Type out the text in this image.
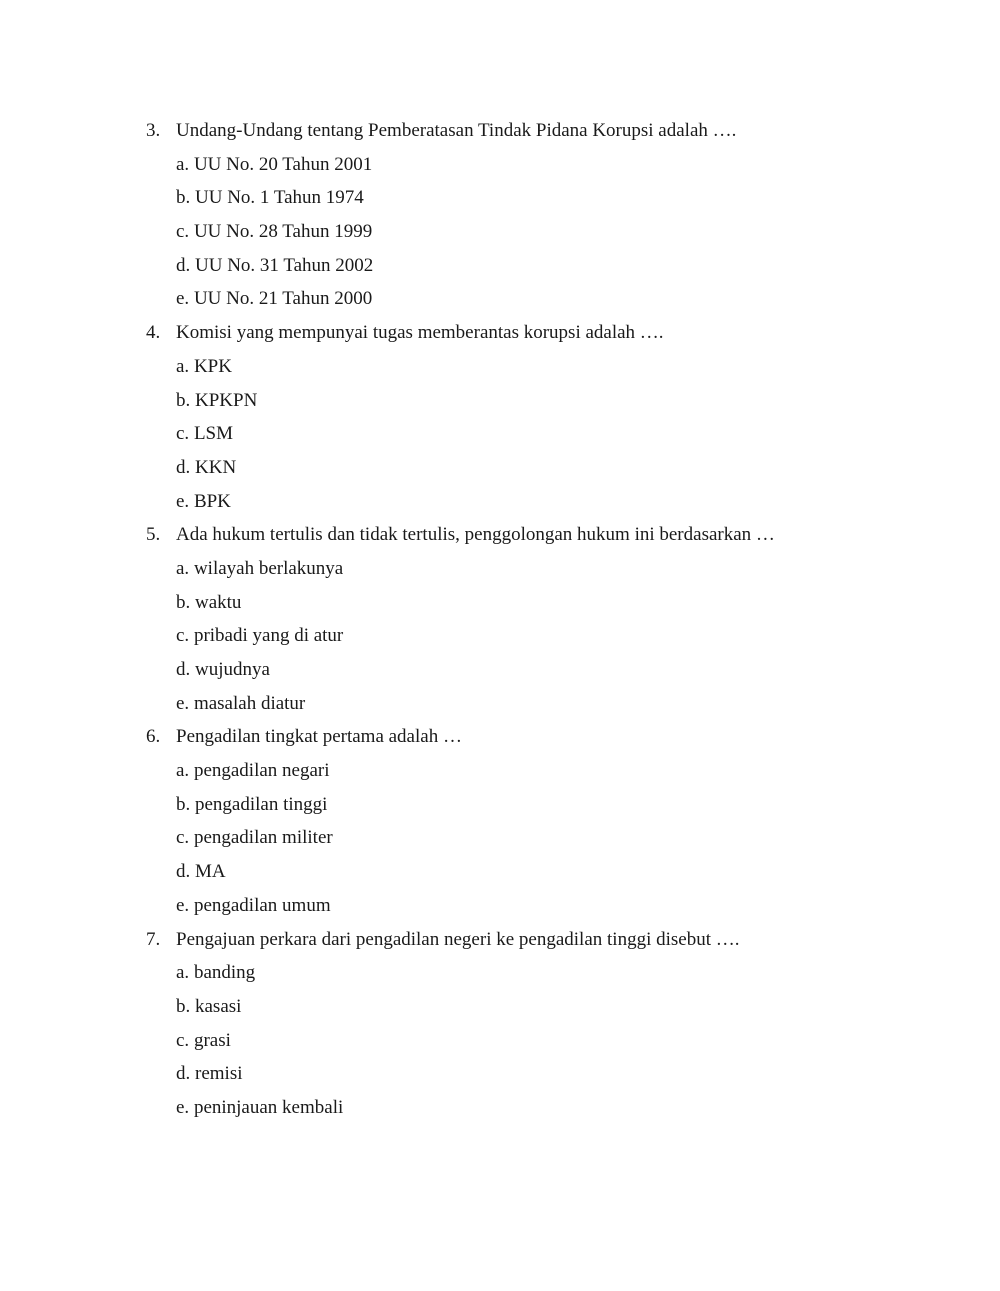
3. Undang-Undang tentang Pemberatasan Tindak Pidana Korupsi adalah ….
a. UU No. 20 Tahun 2001
b. UU No. 1 Tahun 1974
c. UU No. 28 Tahun 1999
d. UU No. 31 Tahun 2002
e. UU No. 21 Tahun 2000
4. Komisi yang mempunyai tugas memberantas korupsi adalah ….
a. KPK
b. KPKPN
c. LSM
d. KKN
e. BPK
5. Ada hukum tertulis dan tidak tertulis, penggolongan hukum ini berdasarkan …
a. wilayah berlakunya
b. waktu
c. pribadi yang di atur
d. wujudnya
e. masalah diatur
6. Pengadilan tingkat pertama adalah …
a. pengadilan negari
b. pengadilan tinggi
c. pengadilan militer
d. MA
e. pengadilan umum
7. Pengajuan perkara dari pengadilan negeri ke pengadilan tinggi disebut ….
a. banding
b. kasasi
c. grasi
d. remisi
e. peninjauan kembali
